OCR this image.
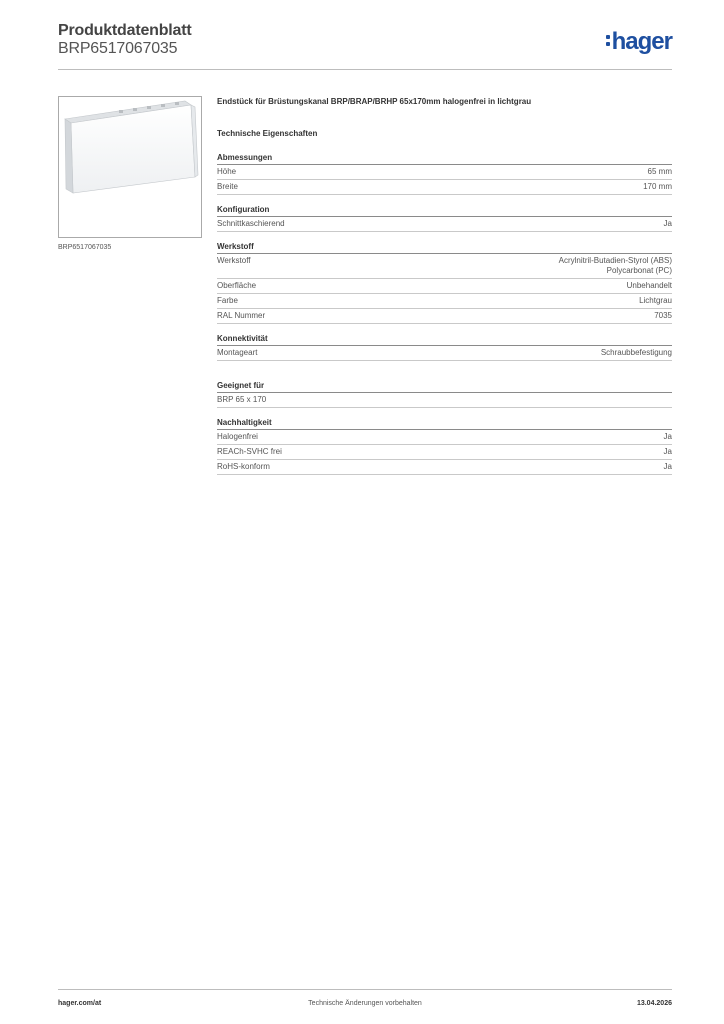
Produktdatenblatt
BRP6517067035	hager
BRP6517067035
Endstück für Brüstungskanal BRP/BRAP/BRHP 65x170mm halogenfrei in lichtgrau
Technische Eigenschaften
Abmessungen
Höhe	65 mm
Breite	170 mm
Konfiguration
Schnittkaschierend	Ja
Werkstoff
Werkstoff	Acrylnitril-Butadien-Styrol (ABS)
Polycarbonat (PC)
Oberfläche	Unbehandelt
Farbe	Lichtgrau
RAL Nummer	7035
Konnektivität
Montageart	Schraubbefestigung
Geeignet für
BRP 65 x 170
Nachhaltigkeit
Halogenfrei	Ja
REACh-SVHC frei	Ja
RoHS-konform	Ja
hager.com/at	Technische Änderungen vorbehalten	13.04.2026
